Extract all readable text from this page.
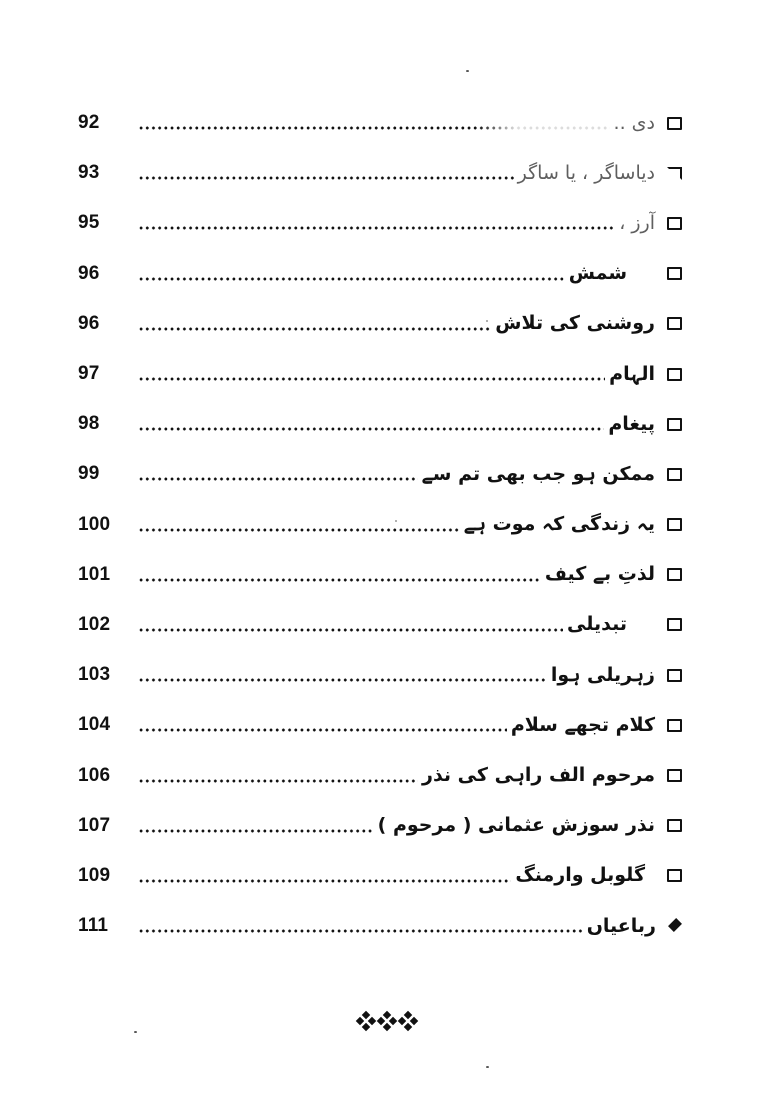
92	دی ..
93	دیاساگر ، یا ساگر
95	آرز ،
96	شمش
96	روشنی کی تلاش
97	الہام
98	پیغام
99	ممکن ہو جب بھی تم سے
100	یہ زندگی کہ موت ہے
101	لذتِ بے کیف
102	تبدیلی
103	زہریلی ہوا
104	کلام تجھے سلام
106	مرحوم الف راہی کی نذر
107	نذر سوزش عثمانی ( مرحوم )
109	گلوبل وارمنگ
111	رباعیاں
